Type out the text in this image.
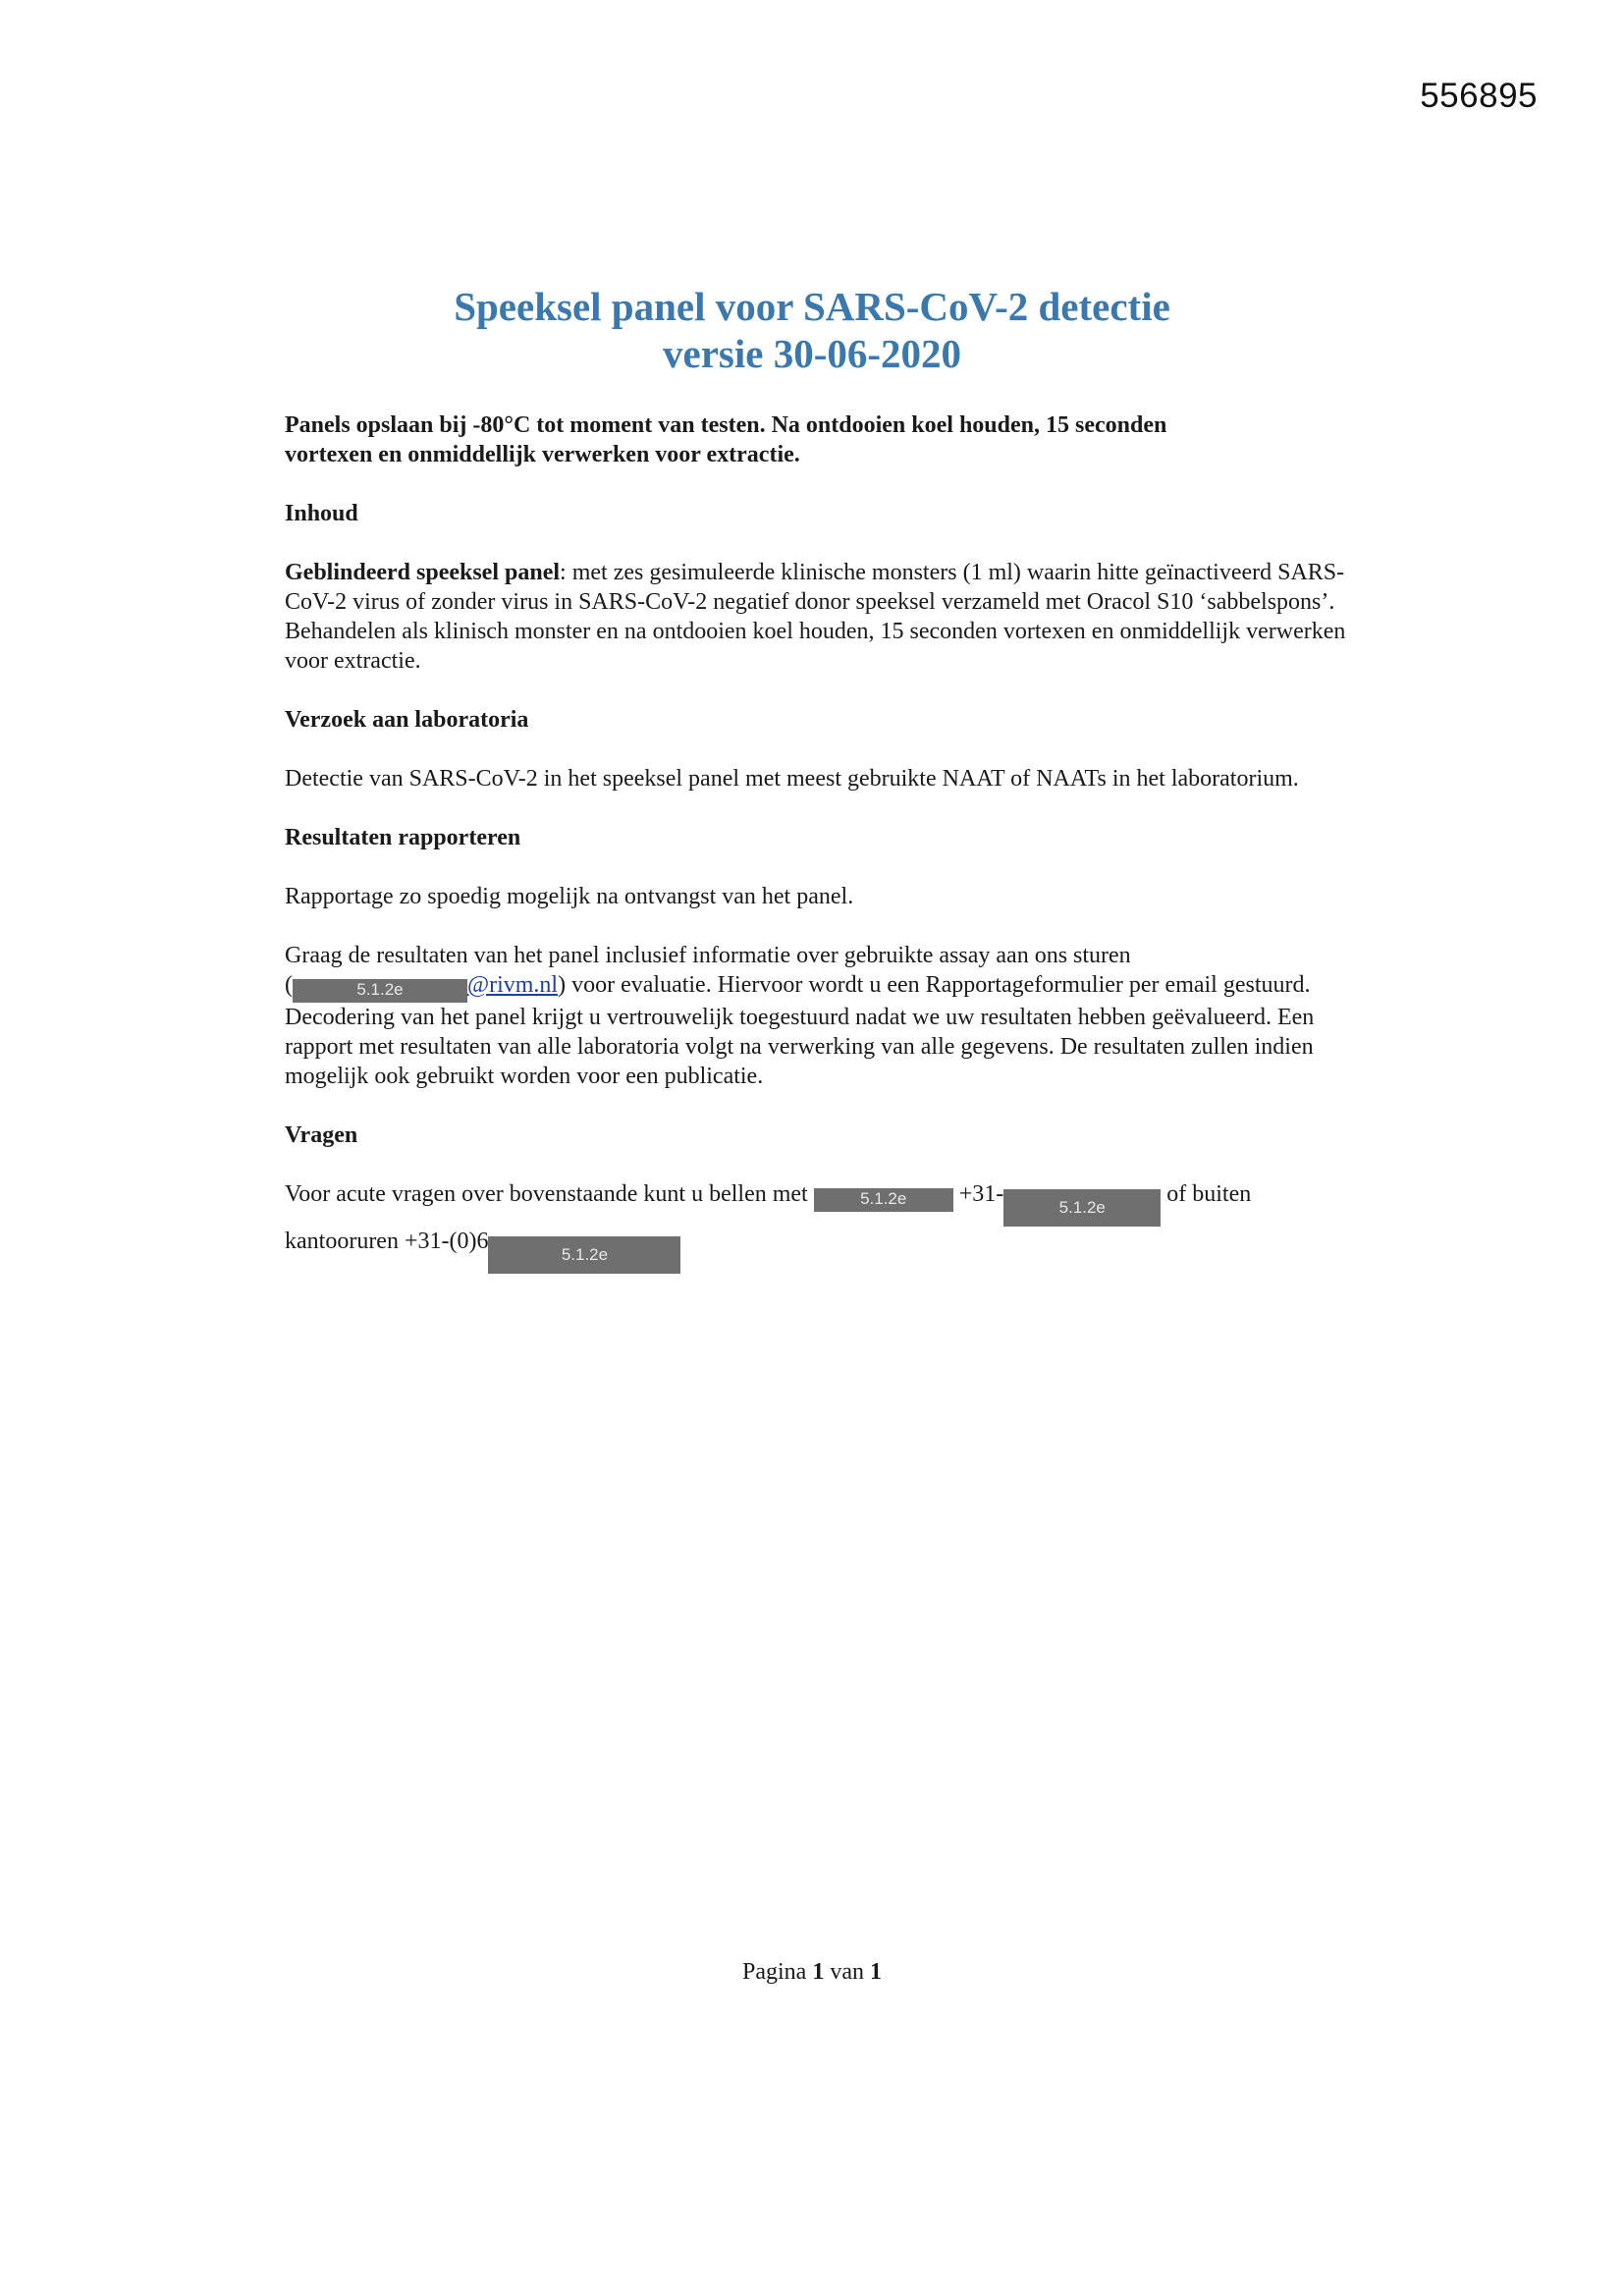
556895
Speeksel panel voor SARS-CoV-2 detectie
versie 30-06-2020

Panels opslaan bij -80°C tot moment van testen. Na ontdooien koel houden, 15 seconden
vortexen en onmiddellijk verwerken voor extractie.

Inhoud

Geblindeerd speeksel panel: met zes gesimuleerde klinische monsters (1 ml) waarin hitte geïnactiveerd SARS-CoV-2 virus of zonder virus in SARS-CoV-2 negatief donor speeksel verzameld met Oracol S10 ‘sabbelspons’. Behandelen als klinisch monster en na ontdooien koel houden, 15 seconden vortexen en onmiddellijk verwerken voor extractie.

Verzoek aan laboratoria

Detectie van SARS-CoV-2 in het speeksel panel met meest gebruikte NAAT of NAATs in het laboratorium.

Resultaten rapporteren

Rapportage zo spoedig mogelijk na ontvangst van het panel.

Graag de resultaten van het panel inclusief informatie over gebruikte assay aan ons sturen
(	5.1.2e	@rivm.nl) voor evaluatie. Hiervoor wordt u een Rapportageformulier per email gestuurd. Decodering van het panel krijgt u vertrouwelijk toegestuurd nadat we uw resultaten hebben geëvalueerd. Een rapport met resultaten van alle laboratoria volgt na verwerking van alle gegevens. De resultaten zullen indien mogelijk ook gebruikt worden voor een publicatie.

Vragen

Voor acute vragen over bovenstaande kunt u bellen met	5.1.2e +31-5.1.2e of buiten kantooruren +31-(0)65.1.2e

Pagina 1 van 1
